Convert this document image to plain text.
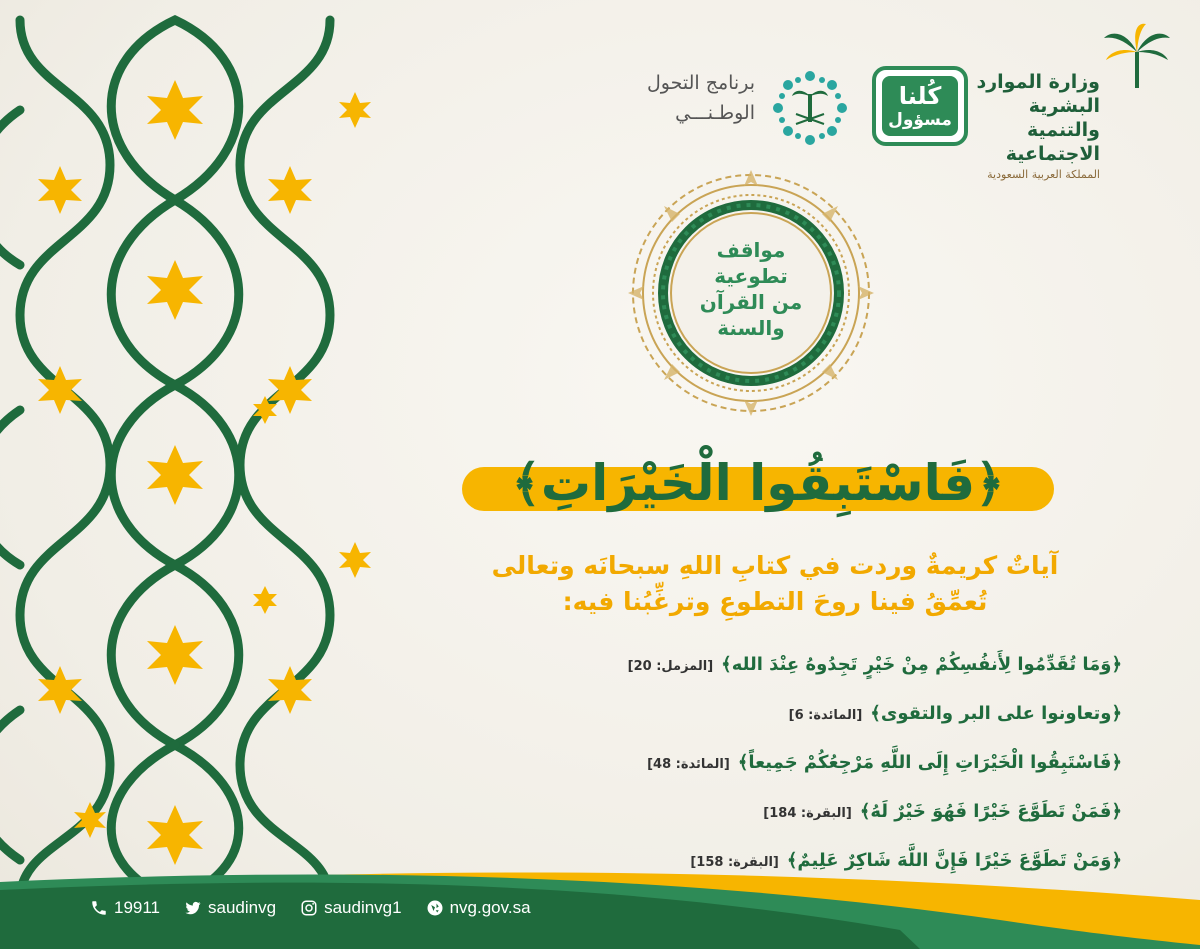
وزارة الموارد البشرية
والتنمية الاجتماعية
المملكة العربية السعودية
كُلنا
مسؤول
برنامج التحول
الوطـنـــي
مواقف
تطوعية
من القرآن
والسنة
﴿فَاسْتَبِقُوا الْخَيْرَاتِ﴾
آياتٌ كريمةٌ وردت في كتابِ اللهِ سبحانَه وتعالى
تُعمِّقُ فينا روحَ التطوعِ وترغِّبُنا فيه:
﴿وَمَا تُقَدِّمُوا لِأَنفُسِكُمْ مِنْ خَيْرٍ تَجِدُوهُ عِنْدَ الله﴾[المزمل: 20]
﴿وتعاونوا على البر والتقوى﴾[المائدة: 6]
﴿فَاسْتَبِقُوا الْخَيْرَاتِ إِلَى اللَّهِ مَرْجِعُكُمْ جَمِيعاً﴾[المائدة: 48]
﴿فَمَنْ تَطَوَّعَ خَيْرًا فَهُوَ خَيْرٌ لَهُ﴾[البقرة: 184]
﴿وَمَنْ تَطَوَّعَ خَيْرًا فَإِنَّ اللَّهَ شَاكِرٌ عَلِيمٌ﴾[البقرة: 158]
19911	saudinvg	saudinvg1	nvg.gov.sa
